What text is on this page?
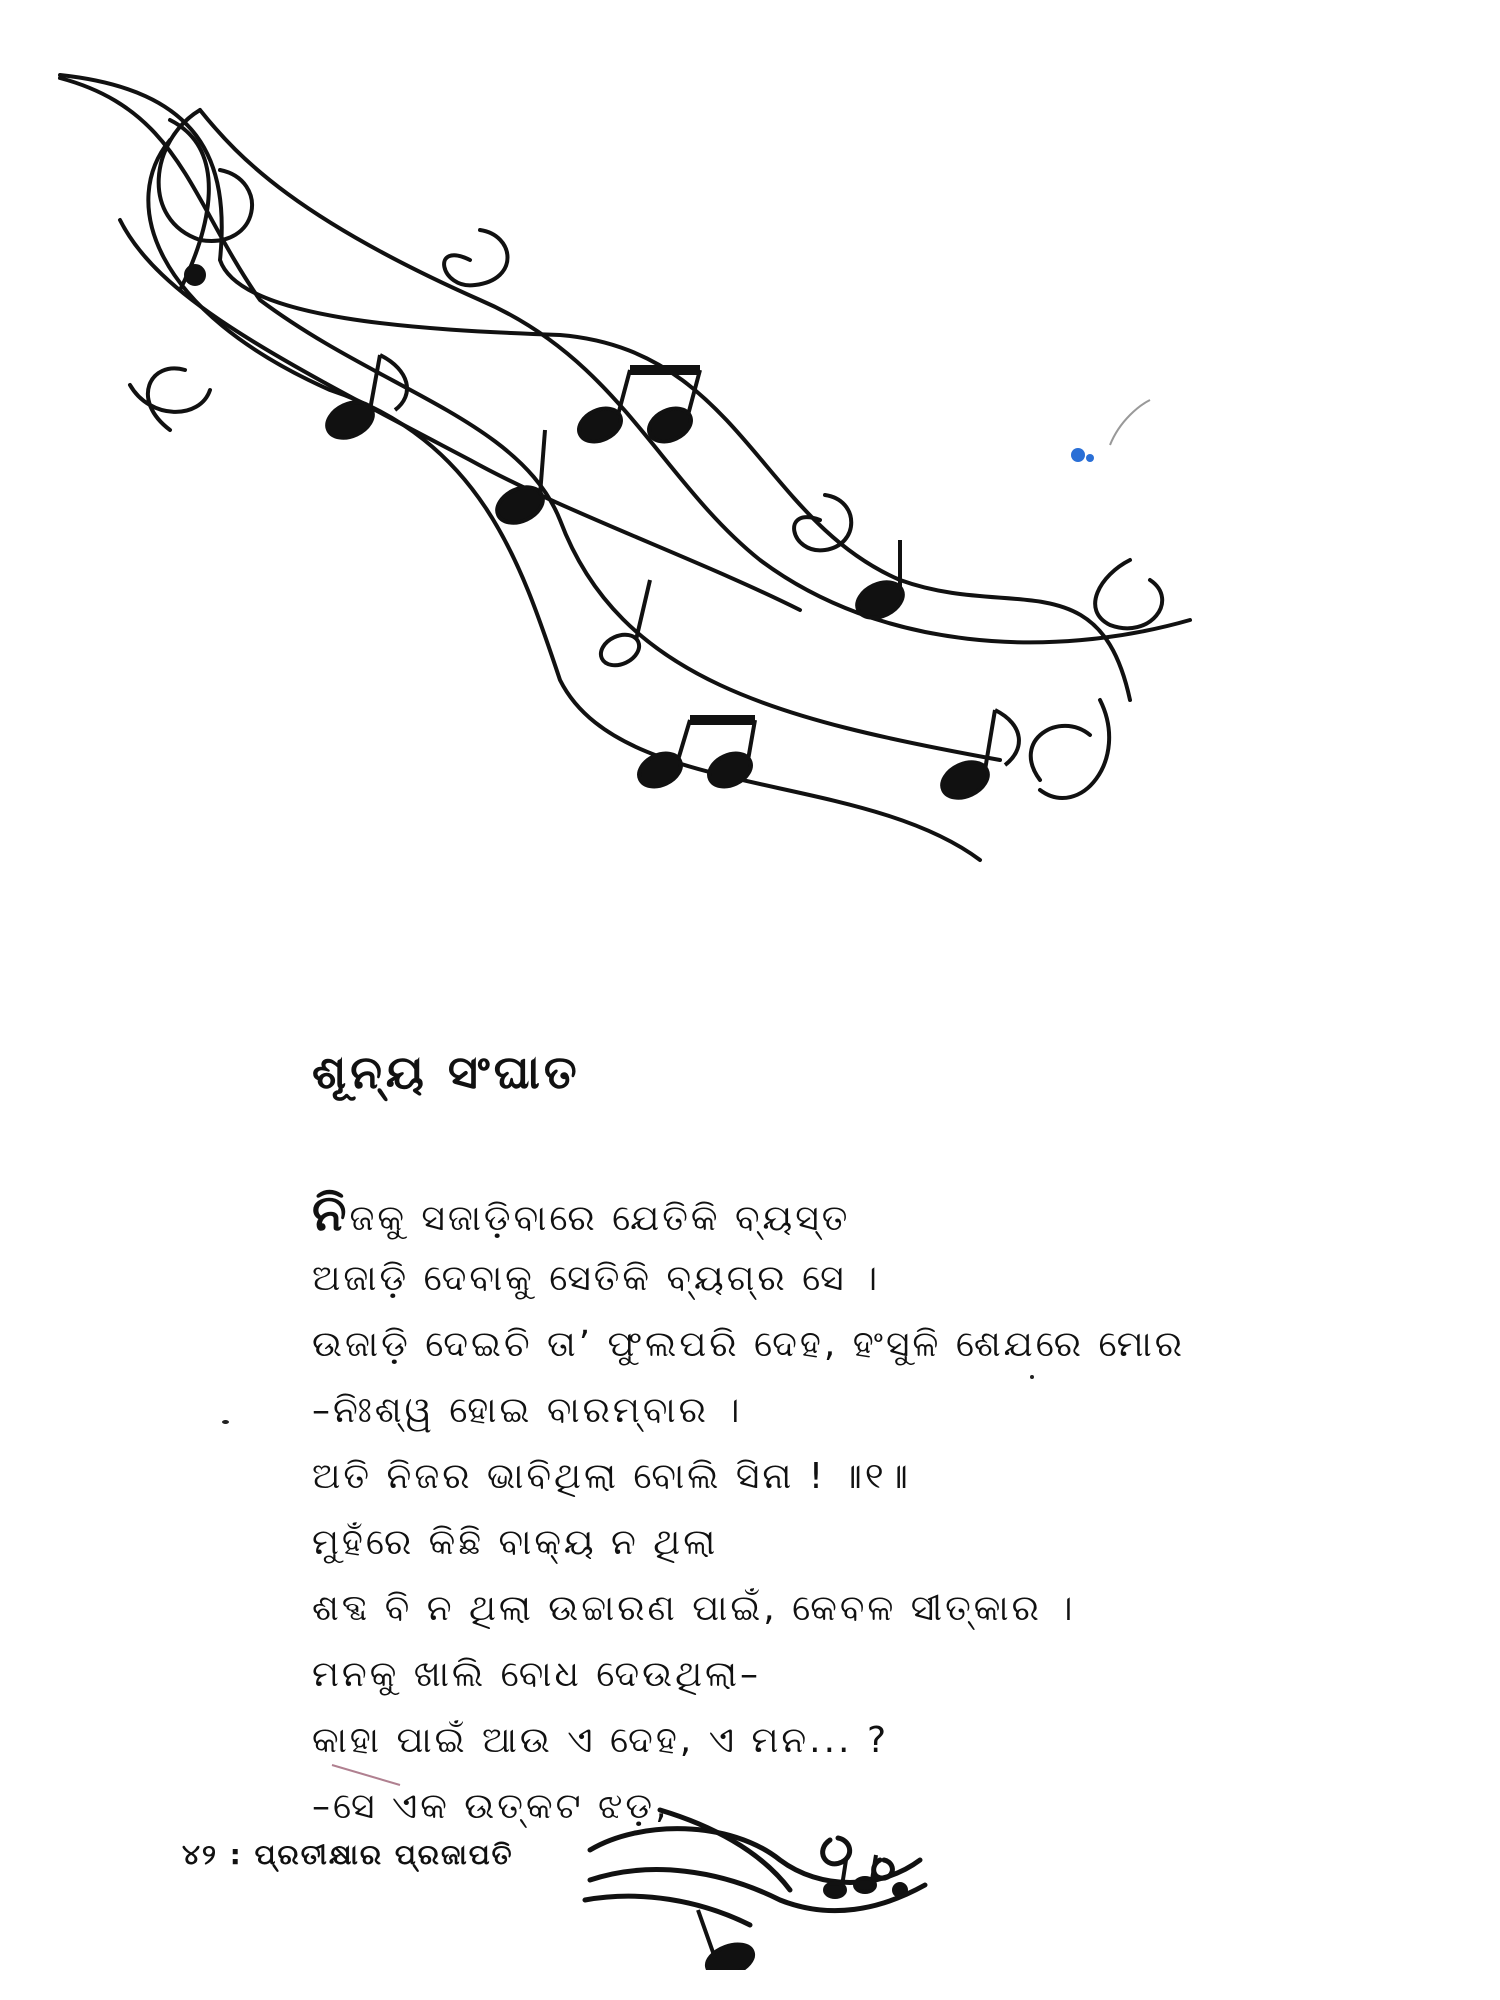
ଶୂନ୍ୟ ସଂଘାତ
ନିଜକୁ ସଜାଡ଼ିବାରେ ଯେତିକି ବ୍ୟସ୍ତ
ଅଜାଡ଼ି ଦେବାକୁ ସେତିକି ବ୍ୟଗ୍ର ସେ ।
ଉଜାଡ଼ି ଦେଇଚି ତା’ ଫୁଲପରି ଦେହ, ହଂସୁଳି ଶେଯରେ ମୋର
–ନିଃଶ୍ୱ ହୋଇ ବାରମ୍ବାର ।
ଅତି ନିଜର ଭାବିଥିଲା ବୋଲି ସିନା ! ॥୧॥
ମୁହଁରେ କିଛି ବାକ୍ୟ ନ ଥିଲା
ଶବ୍ଦ ବି ନ ଥିଲା ଉଚ୍ଚାରଣ ପାଇଁ, କେବଳ ସୀତ୍କାର ।
ମନକୁ ଖାଲି ବୋଧ ଦେଉଥିଲା–
କାହା ପାଇଁ ଆଉ ଏ ଦେହ, ଏ ମନ... ?
–ସେ ଏକ ଉତ୍କଟ ଝଡ଼,
୪୨ : ପ୍ରତୀକ୍ଷାର ପ୍ରଜାପତି
